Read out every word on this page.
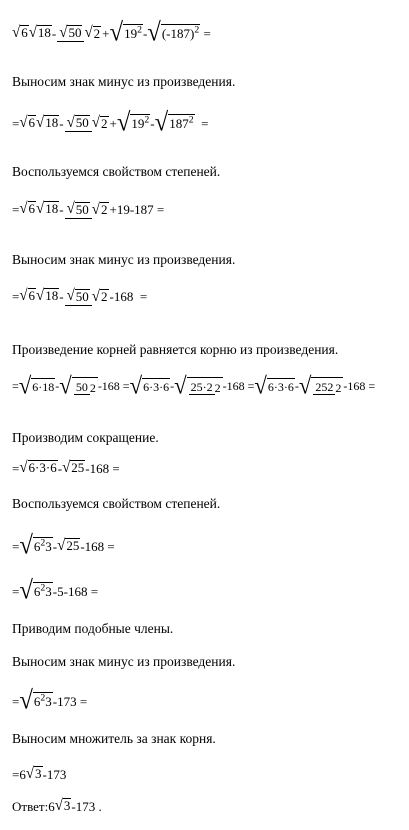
√6√18- √50 $√2 +√19^2-√(-187)^2$ =
Выносим знак минус из произведения.
=√6√18- √50 $√2 +√19^2-√187^2$  =
Воспользуемся свойством степеней.
=√6√18- √50 √2 +19-187 =
Выносим знак минус из произведения.
=√6√18- √50 √2 -168  =
Произведение корней равняется корню из произведения.
=√6·18-√ 50 2 -168 =√6·3·6-√ 25·2 2 -168 =√6·3·6-√ 252 2 -168 =
Производим сокращение.
=√6·3·6-√25-168 =
Воспользуемся свойством степеней.
$=√6^23-√25-168$ =
$=√6^23-5-168$ =
Приводим подобные члены.
Выносим знак минус из произведения.
$=√6^23-173$ =
Выносим множитель за знак корня.
=6√3-173
Ответ:6√3-173 .
